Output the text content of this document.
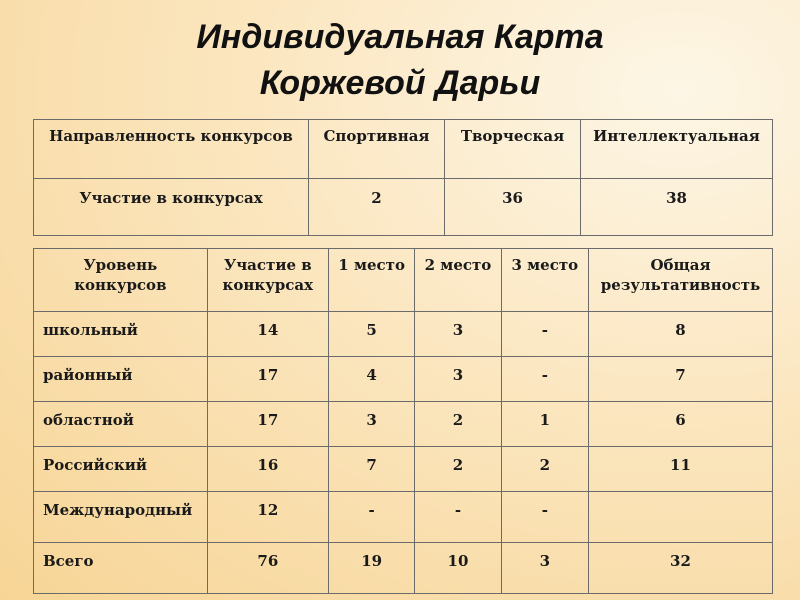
Индивидуальная Карта
Коржевой Дарьи
Направленность конкурсов	Спортивная	Творческая	Интеллектуальная
Участие в конкурсах	2	36	38
Уровень конкурсов	Участие в конкурсах	1 место	2 место	3 место	Общая результативность
школьный	14	5	3	-	8
районный	17	4	3	-	7
областной	17	3	2	1	6
Российский	16	7	2	2	11
Международный	12	-	-	-	
Всего	76	19	10	3	32
